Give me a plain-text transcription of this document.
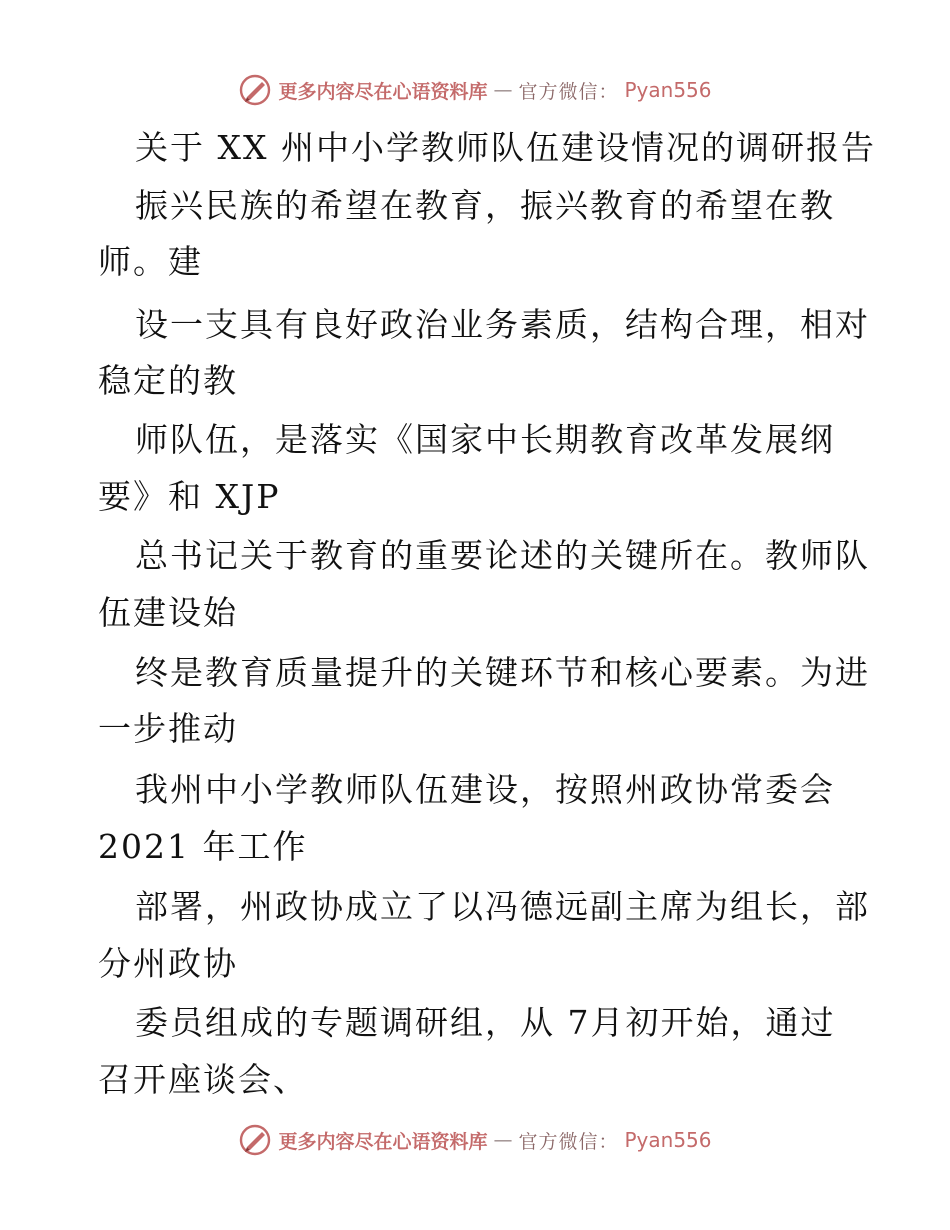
更多内容尽在心语资料库 — 官方微信： Pyan556
关于 XX 州中小学教师队伍建设情况的调研报告
振兴民族的希望在教育，振兴教育的希望在教
师。建
设一支具有良好政治业务素质，结构合理，相对
稳定的教
师队伍，是落实《国家中长期教育改革发展纲
要》和 XJP
总书记关于教育的重要论述的关键所在。教师队
伍建设始
终是教育质量提升的关键环节和核心要素。为进
一步推动
我州中小学教师队伍建设，按照州政协常委会
2021 年工作
部署，州政协成立了以冯德远副主席为组长，部
分州政协
委员组成的专题调研组，从 7月初开始，通过
召开座谈会、
更多内容尽在心语资料库 — 官方微信： Pyan556
